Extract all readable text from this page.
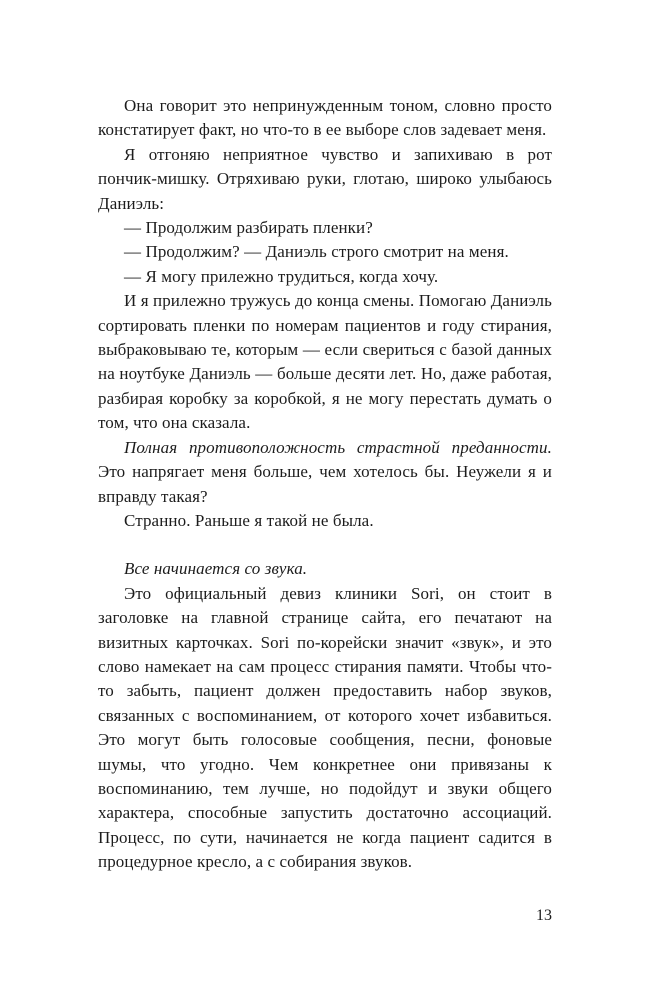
Она говорит это непринужденным тоном, словно просто констатирует факт, но что-то в ее выборе слов задевает меня.

Я отгоняю неприятное чувство и запихиваю в рот пончик-мишку. Отряхиваю руки, глотаю, широко улыбаюсь Даниэль:

— Продолжим разбирать пленки?

— Продолжим? — Даниэль строго смотрит на меня.

— Я могу прилежно трудиться, когда хочу.

И я прилежно тружусь до конца смены. Помогаю Даниэль сортировать пленки по номерам пациентов и году стирания, выбраковываю те, которым — если свериться с базой данных на ноутбуке Даниэль — больше десяти лет. Но, даже работая, разбирая коробку за коробкой, я не могу перестать думать о том, что она сказала.

Полная противоположность страстной преданности. Это напрягает меня больше, чем хотелось бы. Неужели я и вправду такая?

Странно. Раньше я такой не была.

Все начинается со звука.

Это официальный девиз клиники Sori, он стоит в заголовке на главной странице сайта, его печатают на визитных карточках. Sori по-корейски значит «звук», и это слово намекает на сам процесс стирания памяти. Чтобы что-то забыть, пациент должен предоставить набор звуков, связанных с воспоминанием, от которого хочет избавиться. Это могут быть голосовые сообщения, песни, фоновые шумы, что угодно. Чем конкретнее они привязаны к воспоминанию, тем лучше, но подойдут и звуки общего характера, способные запустить достаточно ассоциаций. Процесс, по сути, начинается не когда пациент садится в процедурное кресло, а с собирания звуков.

13
